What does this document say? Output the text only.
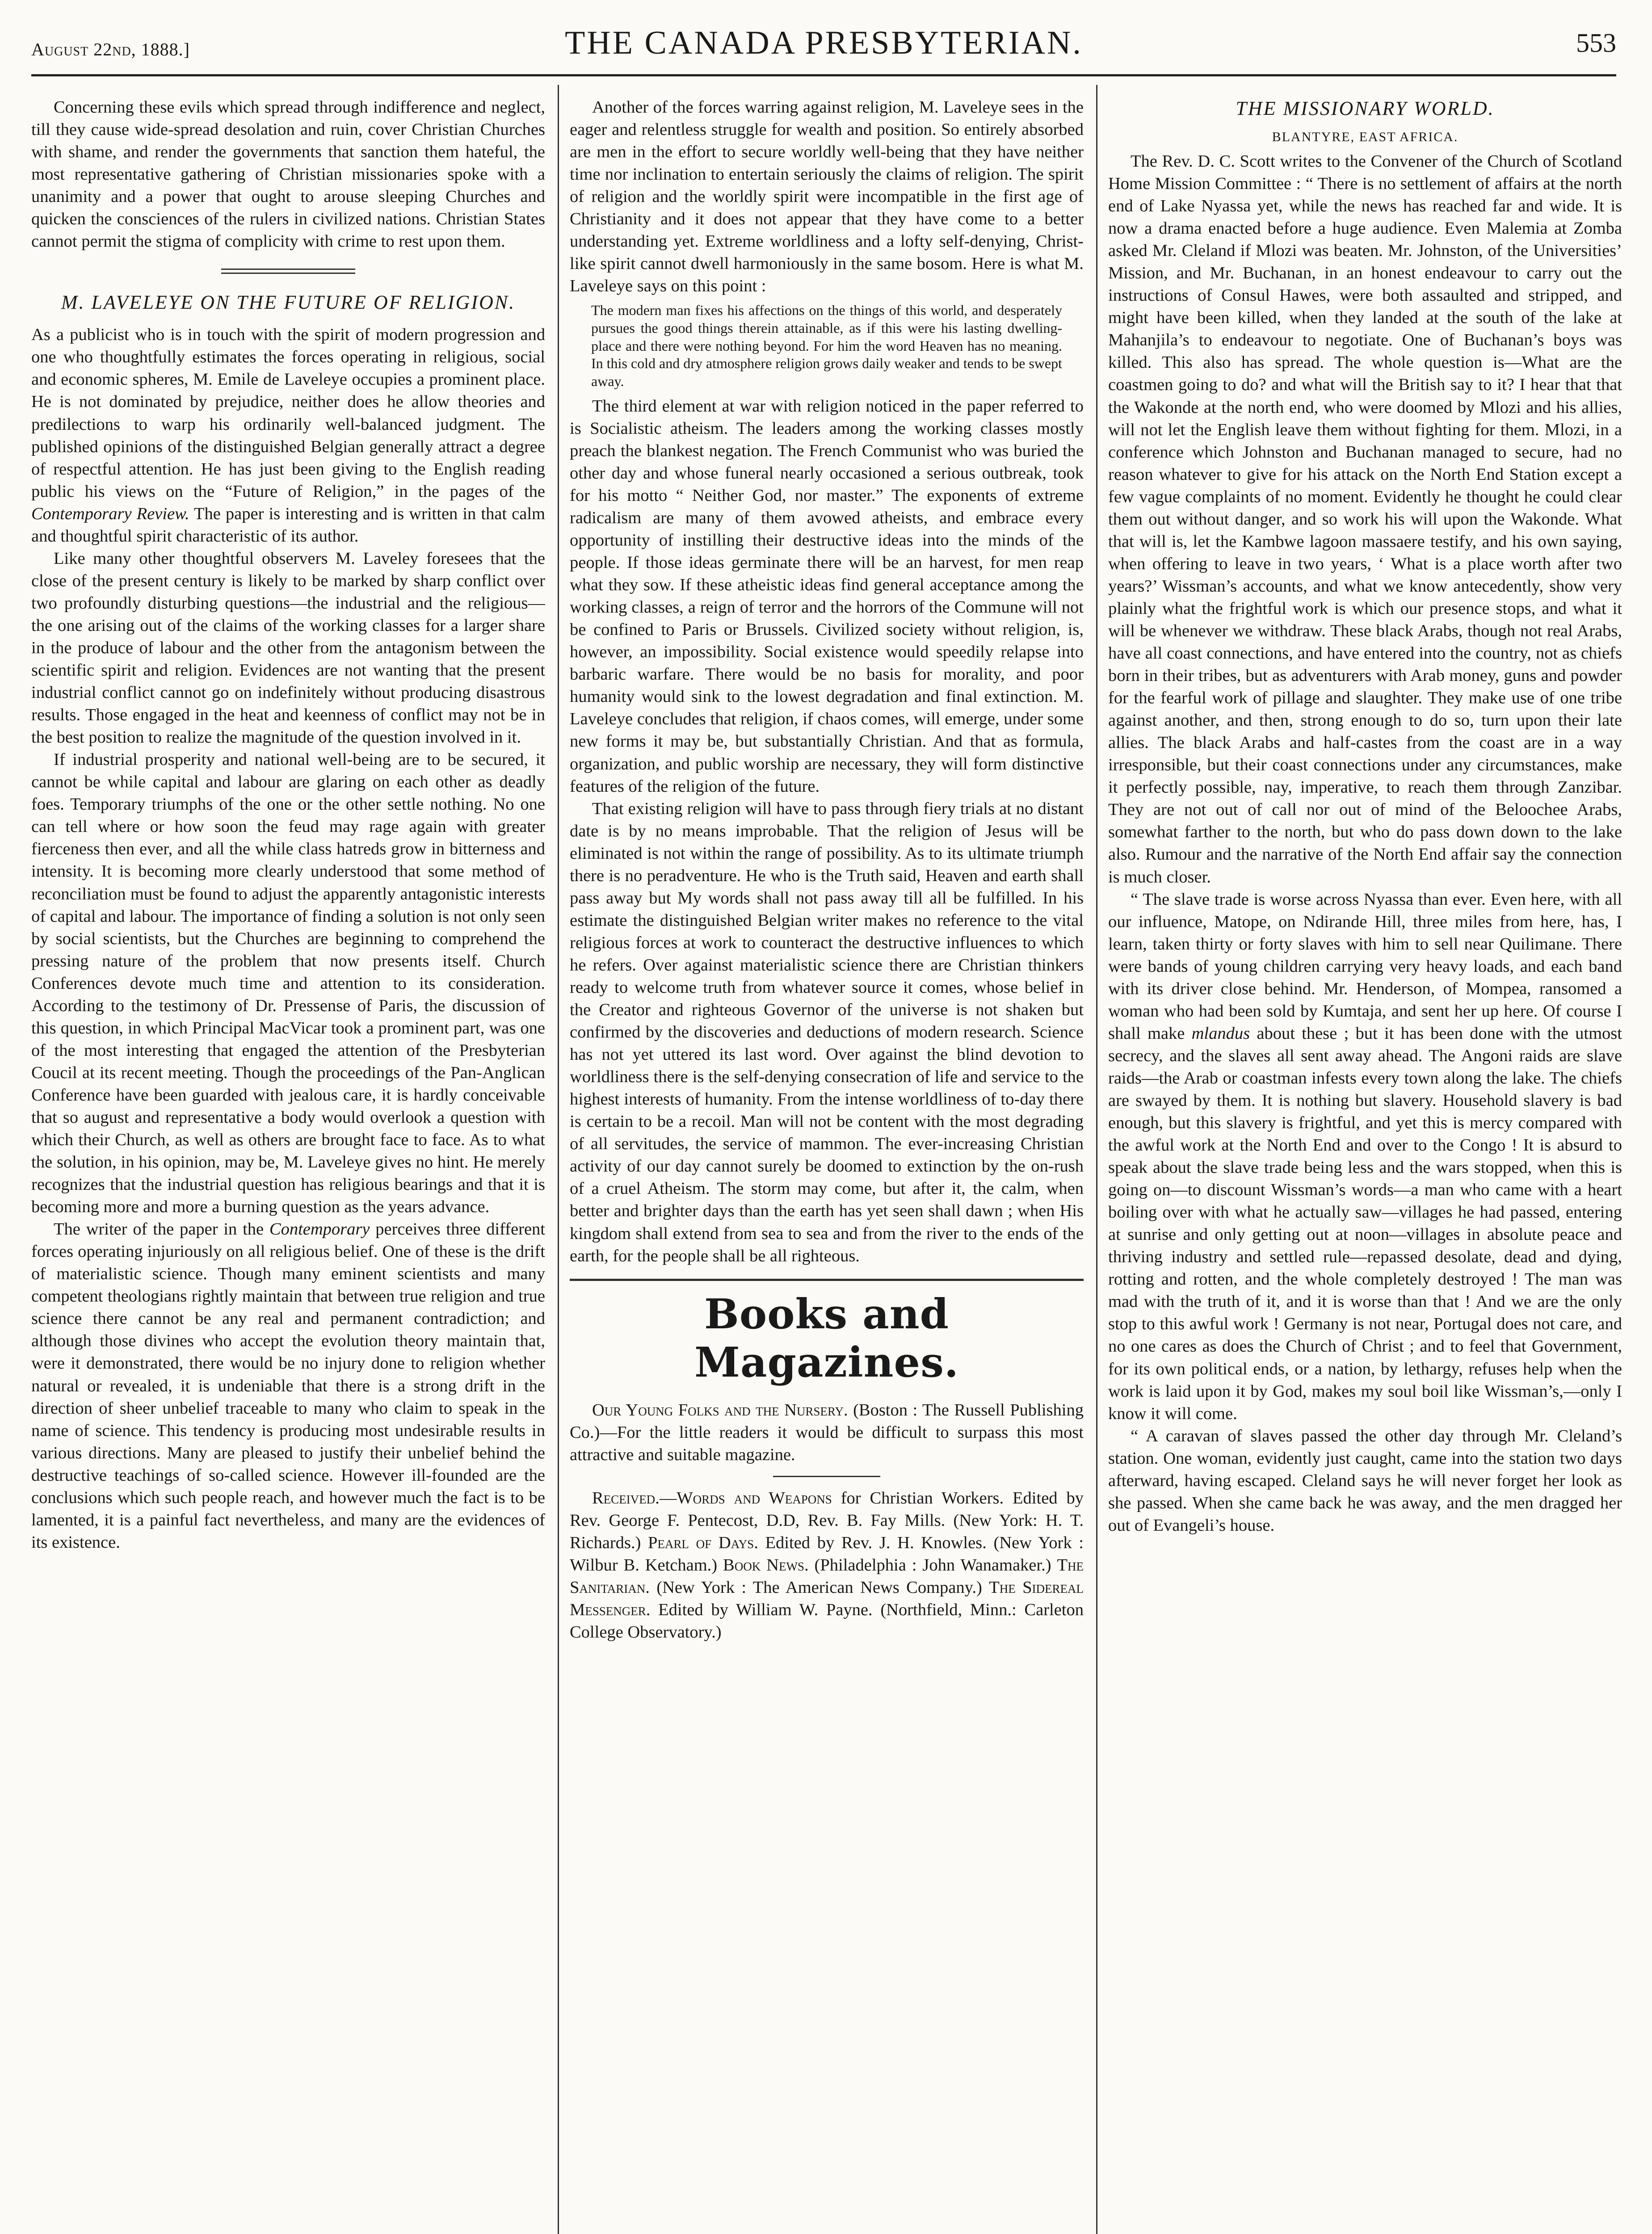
August 22nd, 1888.]	THE CANADA PRESBYTERIAN.	553

Concerning these evils which spread through indifference and neglect, till they cause wide-spread desolation and ruin, cover Christian Churches with shame, and render the governments that sanction them hateful, the most representative gathering of Christian missionaries spoke with a unanimity and a power that ought to arouse sleeping Churches and quicken the consciences of the rulers in civilized nations. Christian States cannot permit the stigma of complicity with crime to rest upon them.

M. LAVELEYE ON THE FUTURE OF RELIGION.

As a publicist who is in touch with the spirit of modern progression and one who thoughtfully estimates the forces operating in religious, social and economic spheres, M. Emile de Laveleye occupies a prominent place. He is not dominated by prejudice, neither does he allow theories and predilections to warp his ordinarily well-balanced judgment. The published opinions of the distinguished Belgian generally attract a degree of respectful attention. He has just been giving to the English reading public his views on the “Future of Religion,” in the pages of the Contemporary Review. The paper is interesting and is written in that calm and thoughtful spirit characteristic of its author.

Like many other thoughtful observers M. Laveley foresees that the close of the present century is likely to be marked by sharp conflict over two profoundly disturbing questions—the industrial and the religious—the one arising out of the claims of the working classes for a larger share in the produce of labour and the other from the antagonism between the scientific spirit and religion. Evidences are not wanting that the present industrial conflict cannot go on indefinitely without producing disastrous results. Those engaged in the heat and keenness of conflict may not be in the best position to realize the magnitude of the question involved in it.

If industrial prosperity and national well-being are to be secured, it cannot be while capital and labour are glaring on each other as deadly foes. Temporary triumphs of the one or the other settle nothing. No one can tell where or how soon the feud may rage again with greater fierceness then ever, and all the while class hatreds grow in bitterness and intensity. It is becoming more clearly understood that some method of reconciliation must be found to adjust the apparently antagonistic interests of capital and labour. The importance of finding a solution is not only seen by social scientists, but the Churches are beginning to comprehend the pressing nature of the problem that now presents itself. Church Conferences devote much time and attention to its consideration. According to the testimony of Dr. Pressense of Paris, the discussion of this question, in which Principal MacVicar took a prominent part, was one of the most interesting that engaged the attention of the Presbyterian Coucil at its recent meeting. Though the proceedings of the Pan-Anglican Conference have been guarded with jealous care, it is hardly conceivable that so august and representative a body would overlook a question with which their Church, as well as others are brought face to face. As to what the solution, in his opinion, may be, M. Laveleye gives no hint. He merely recognizes that the industrial question has religious bearings and that it is becoming more and more a burning question as the years advance.

The writer of the paper in the Contemporary perceives three different forces operating injuriously on all religious belief. One of these is the drift of materialistic science. Though many eminent scientists and many competent theologians rightly maintain that between true religion and true science there cannot be any real and permanent contradiction; and although those divines who accept the evolution theory maintain that, were it demonstrated, there would be no injury done to religion whether natural or revealed, it is undeniable that there is a strong drift in the direction of sheer unbelief traceable to many who claim to speak in the name of science. This tendency is producing most undesirable results in various directions. Many are pleased to justify their unbelief behind the destructive teachings of so-called science. However ill-founded are the conclusions which such people reach, and however much the fact is to be lamented, it is a painful fact nevertheless, and many are the evidences of its existence.

Another of the forces warring against religion, M. Laveleye sees in the eager and relentless struggle for wealth and position. So entirely absorbed are men in the effort to secure worldly well-being that they have neither time nor inclination to entertain seriously the claims of religion. The spirit of religion and the worldly spirit were incompatible in the first age of Christianity and it does not appear that they have come to a better understanding yet. Extreme worldliness and a lofty self-denying, Christ-like spirit cannot dwell harmoniously in the same bosom. Here is what M. Laveleye says on this point :

The modern man fixes his affections on the things of this world, and desperately pursues the good things therein attainable, as if this were his lasting dwelling-place and there were nothing beyond. For him the word Heaven has no meaning. In this cold and dry atmosphere religion grows daily weaker and tends to be swept away.

The third element at war with religion noticed in the paper referred to is Socialistic atheism. The leaders among the working classes mostly preach the blankest negation. The French Communist who was buried the other day and whose funeral nearly occasioned a serious outbreak, took for his motto “ Neither God, nor master.” The exponents of extreme radicalism are many of them avowed atheists, and embrace every opportunity of instilling their destructive ideas into the minds of the people. If those ideas germinate there will be an harvest, for men reap what they sow. If these atheistic ideas find general acceptance among the working classes, a reign of terror and the horrors of the Commune will not be confined to Paris or Brussels. Civilized society without religion, is, however, an impossibility. Social existence would speedily relapse into barbaric warfare. There would be no basis for morality, and poor humanity would sink to the lowest degradation and final extinction. M. Laveleye concludes that religion, if chaos comes, will emerge, under some new forms it may be, but substantially Christian. And that as formula, organization, and public worship are necessary, they will form distinctive features of the religion of the future.

That existing religion will have to pass through fiery trials at no distant date is by no means improbable. That the religion of Jesus will be eliminated is not within the range of possibility. As to its ultimate triumph there is no peradventure. He who is the Truth said, Heaven and earth shall pass away but My words shall not pass away till all be fulfilled. In his estimate the distinguished Belgian writer makes no reference to the vital religious forces at work to counteract the destructive influences to which he refers. Over against materialistic science there are Christian thinkers ready to welcome truth from whatever source it comes, whose belief in the Creator and righteous Governor of the universe is not shaken but confirmed by the discoveries and deductions of modern research. Science has not yet uttered its last word. Over against the blind devotion to worldliness there is the self-denying consecration of life and service to the highest interests of humanity. From the intense worldliness of to-day there is certain to be a recoil. Man will not be content with the most degrading of all servitudes, the service of mammon. The ever-increasing Christian activity of our day cannot surely be doomed to extinction by the on-rush of a cruel Atheism. The storm may come, but after it, the calm, when better and brighter days than the earth has yet seen shall dawn ; when His kingdom shall extend from sea to sea and from the river to the ends of the earth, for the people shall be all righteous.

Books and Magazines.

Our Young Folks and the Nursery. (Boston : The Russell Publishing Co.)—For the little readers it would be difficult to surpass this most attractive and suitable magazine.

Received.—Words and Weapons for Christian Workers. Edited by Rev. George F. Pentecost, D.D, Rev. B. Fay Mills. (New York: H. T. Richards.) Pearl of Days. Edited by Rev. J. H. Knowles. (New York : Wilbur B. Ketcham.) Book News. (Philadelphia : John Wanamaker.) The Sanitarian. (New York : The American News Company.) The Sidereal Messenger. Edited by William W. Payne. (Northfield, Minn.: Carleton College Observatory.)

THE MISSIONARY WORLD.
BLANTYRE, EAST AFRICA.

The Rev. D. C. Scott writes to the Convener of the Church of Scotland Home Mission Committee : “ There is no settlement of affairs at the north end of Lake Nyassa yet, while the news has reached far and wide. It is now a drama enacted before a huge audience. Even Malemia at Zomba asked Mr. Cleland if Mlozi was beaten. Mr. Johnston, of the Universities’ Mission, and Mr. Buchanan, in an honest endeavour to carry out the instructions of Consul Hawes, were both assaulted and stripped, and might have been killed, when they landed at the south of the lake at Mahanjila’s to endeavour to negotiate. One of Buchanan’s boys was killed. This also has spread. The whole question is—What are the coastmen going to do? and what will the British say to it? I hear that that the Wakonde at the north end, who were doomed by Mlozi and his allies, will not let the English leave them without fighting for them. Mlozi, in a conference which Johnston and Buchanan managed to secure, had no reason whatever to give for his attack on the North End Station except a few vague complaints of no moment. Evidently he thought he could clear them out without danger, and so work his will upon the Wakonde. What that will is, let the Kambwe lagoon massaere testify, and his own saying, when offering to leave in two years, ‘ What is a place worth after two years?’ Wissman’s accounts, and what we know antecedently, show very plainly what the frightful work is which our presence stops, and what it will be whenever we withdraw. These black Arabs, though not real Arabs, have all coast connections, and have entered into the country, not as chiefs born in their tribes, but as adventurers with Arab money, guns and powder for the fearful work of pillage and slaughter. They make use of one tribe against another, and then, strong enough to do so, turn upon their late allies. The black Arabs and half-castes from the coast are in a way irresponsible, but their coast connections under any circumstances, make it perfectly possible, nay, imperative, to reach them through Zanzibar. They are not out of call nor out of mind of the Beloochee Arabs, somewhat farther to the north, but who do pass down down to the lake also. Rumour and the narrative of the North End affair say the connection is much closer.

“ The slave trade is worse across Nyassa than ever. Even here, with all our influence, Matope, on Ndirande Hill, three miles from here, has, I learn, taken thirty or forty slaves with him to sell near Quilimane. There were bands of young children carrying very heavy loads, and each band with its driver close behind. Mr. Henderson, of Mompea, ransomed a woman who had been sold by Kumtaja, and sent her up here. Of course I shall make mlandus about these ; but it has been done with the utmost secrecy, and the slaves all sent away ahead. The Angoni raids are slave raids—the Arab or coastman infests every town along the lake. The chiefs are swayed by them. It is nothing but slavery. Household slavery is bad enough, but this slavery is frightful, and yet this is mercy compared with the awful work at the North End and over to the Congo ! It is absurd to speak about the slave trade being less and the wars stopped, when this is going on—to discount Wissman’s words—a man who came with a heart boiling over with what he actually saw—villages he had passed, entering at sunrise and only getting out at noon—villages in absolute peace and thriving industry and settled rule—repassed desolate, dead and dying, rotting and rotten, and the whole completely destroyed ! The man was mad with the truth of it, and it is worse than that ! And we are the only stop to this awful work ! Germany is not near, Portugal does not care, and no one cares as does the Church of Christ ; and to feel that Government, for its own political ends, or a nation, by lethargy, refuses help when the work is laid upon it by God, makes my soul boil like Wissman’s,—only I know it will come.

“ A caravan of slaves passed the other day through Mr. Cleland’s station. One woman, evidently just caught, came into the station two days afterward, having escaped. Cleland says he will never forget her look as she passed. When she came back he was away, and the men dragged her out of Evangeli’s house.
